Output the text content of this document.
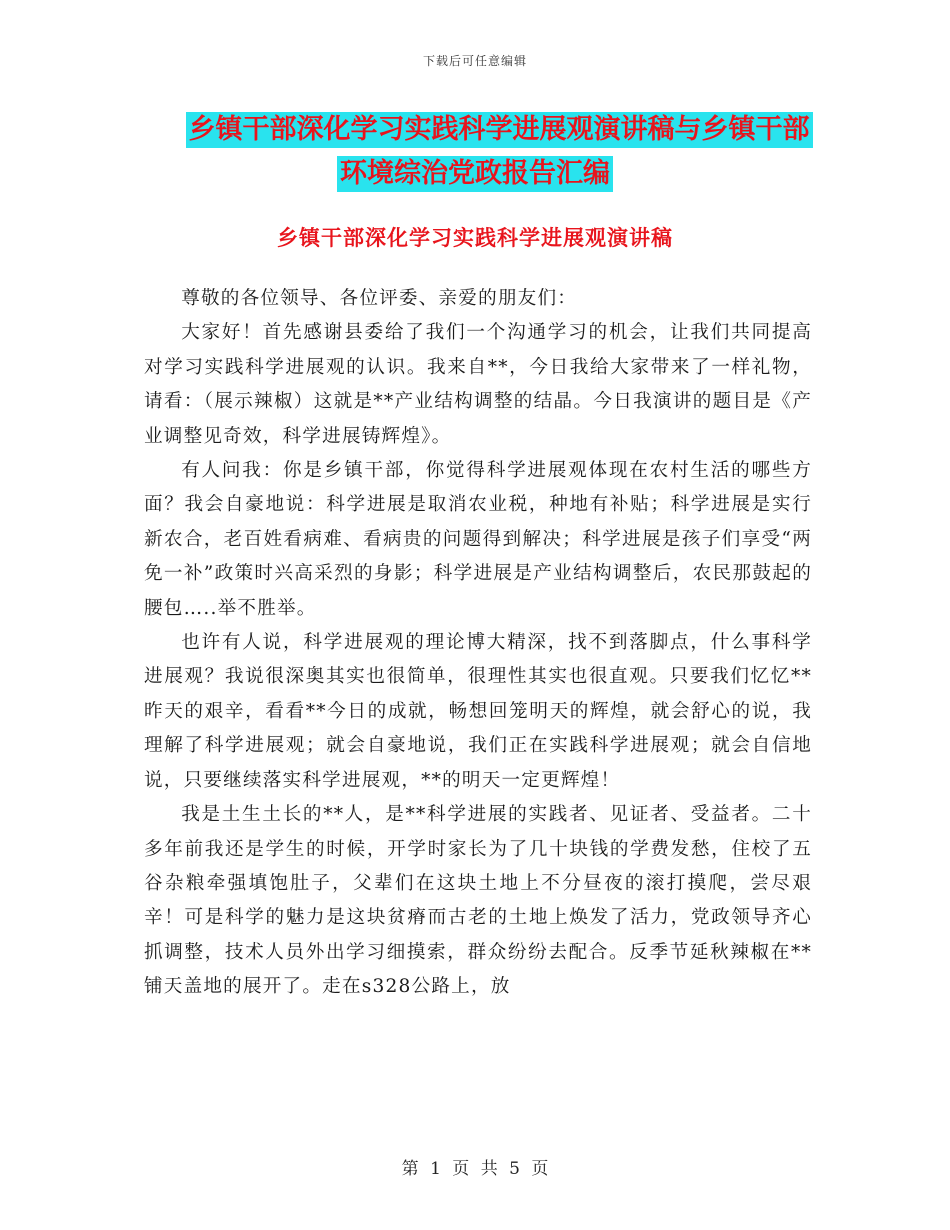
下载后可任意编辑
乡镇干部深化学习实践科学进展观演讲稿与乡镇干部
环境综治党政报告汇编
乡镇干部深化学习实践科学进展观演讲稿

尊敬的各位领导、各位评委、亲爱的朋友们：

大家好！首先感谢县委给了我们一个沟通学习的机会，让我们共同提高对学习实践科学进展观的认识。我来自**，今日我给大家带来了一样礼物，请看：（展示辣椒）这就是**产业结构调整的结晶。今日我演讲的题目是《产业调整见奇效，科学进展铸辉煌》。

有人问我：你是乡镇干部，你觉得科学进展观体现在农村生活的哪些方面？我会自豪地说：科学进展是取消农业税，种地有补贴；科学进展是实行新农合，老百姓看病难、看病贵的问题得到解决；科学进展是孩子们享受“两免一补”政策时兴高采烈的身影；科学进展是产业结构调整后，农民那鼓起的腰包…..举不胜举。

也许有人说，科学进展观的理论博大精深，找不到落脚点，什么事科学进展观？我说很深奥其实也很简单，很理性其实也很直观。只要我们忆忆**昨天的艰辛，看看**今日的成就，畅想回笼明天的辉煌，就会舒心的说，我理解了科学进展观；就会自豪地说，我们正在实践科学进展观；就会自信地说，只要继续落实科学进展观，**的明天一定更辉煌！

我是土生土长的**人，是**科学进展的实践者、见证者、受益者。二十多年前我还是学生的时候，开学时家长为了几十块钱的学费发愁，住校了五谷杂粮牵强填饱肚子，父辈们在这块土地上不分昼夜的滚打摸爬，尝尽艰辛！可是科学的魅力是这块贫瘠而古老的土地上焕发了活力，党政领导齐心抓调整，技术人员外出学习细摸索，群众纷纷去配合。反季节延秋辣椒在**铺天盖地的展开了。走在s328公路上，放

第 1 页 共 5 页
